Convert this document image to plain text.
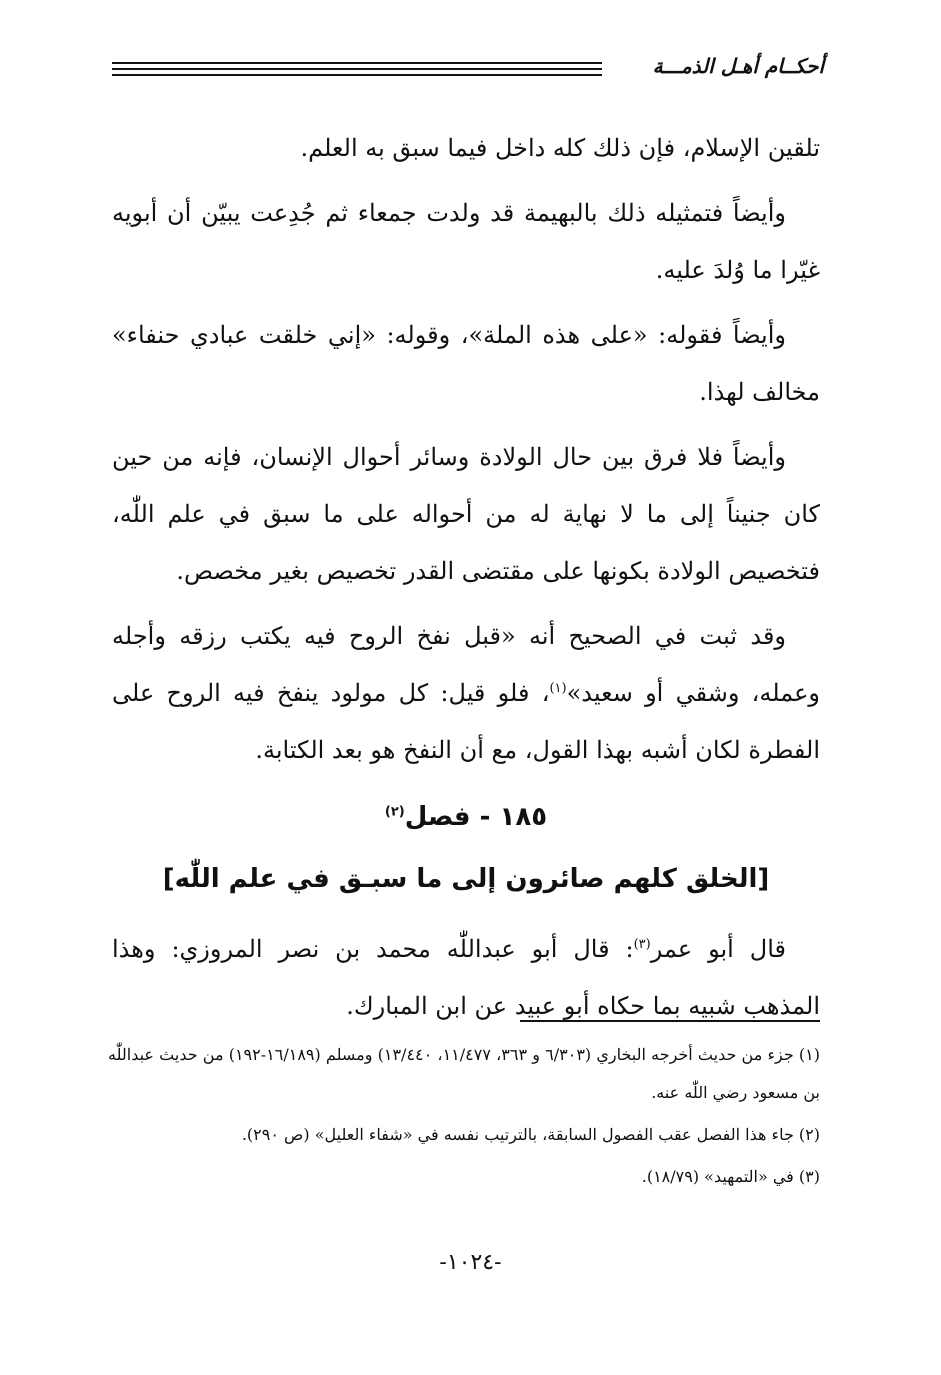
أحكــام أهـل الذمـــة

تلقين الإسلام، فإن ذلك كله داخل فيما سبق به العلم.

وأيضاً فتمثيله ذلك بالبهيمة قد ولدت جمعاء ثم جُدِعت يبيّن أن أبويه غيّرا ما وُلدَ عليه.

وأيضاً فقوله: «على هذه الملة»، وقوله: «إني خلقت عبادي حنفاء» مخالف لهذا.

وأيضاً فلا فرق بين حال الولادة وسائر أحوال الإنسان، فإنه من حين كان جنيناً إلى ما لا نهاية له من أحواله على ما سبق في علم اللّٰه، فتخصيص الولادة بكونها على مقتضى القدر تخصيص بغير مخصص.

وقد ثبت في الصحيح أنه «قبل نفخ الروح فيه يكتب رزقه وأجله وعمله، وشقي أو سعيد»$^{(١)}$، فلو قيل: كل مولود ينفخ فيه الروح على الفطرة لكان أشبه بهذا القول، مع أن النفخ هو بعد الكتابة.

١٨٥ - فصل$^{(٢)}$
[الخلق كلهم صائرون إلى ما سبـق في علم اللّٰه]

قال أبو عمر$^{(٣)}$: قال أبو عبداللّٰه محمد بن نصر المروزي: وهذا المذهب شبيه بما حكاه أبو عبيد عن ابن المبارك.

(١) جزء من حديث أخرجه البخاري (٦/٣٠٣ و ٣٦٣، ١١/٤٧٧، ١٣/٤٤٠) ومسلم (١٦/١٨٩-١٩٢) من حديث عبداللّٰه بن مسعود رضي اللّٰه عنه.

(٢) جاء هذا الفصل عقب الفصول السابقة، بالترتيب نفسه في «شفاء العليل» (ص ٢٩٠).

(٣) في «التمهيد» (١٨/٧٩).

-١٠٢٤-
